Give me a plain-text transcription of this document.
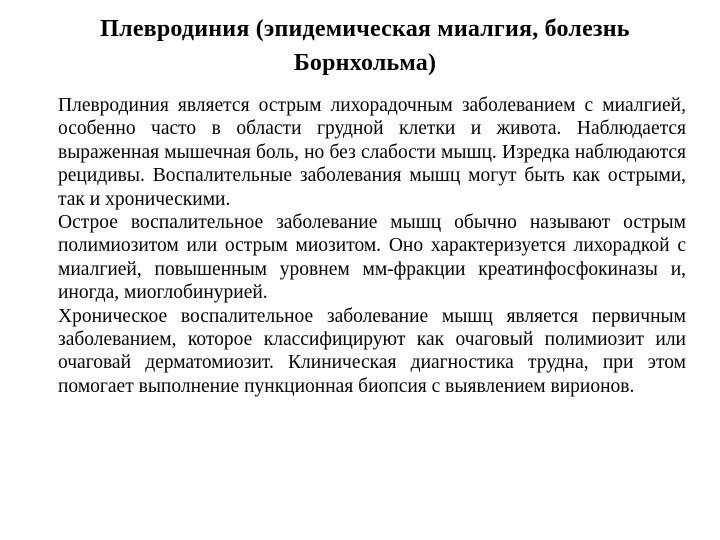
Плевродиния (эпидемическая миалгия, болезнь Борнхольма)

Плевродиния является острым лихорадочным заболеванием с миалгией, особенно часто в области грудной клетки и живота. Наблюдается выраженная мышечная боль, но без слабости мышц. Изредка наблюдаются рецидивы. Воспалительные заболевания мышц могут быть как острыми, так и хроническими.

Острое воспалительное заболевание мышц обычно называют острым полимиозитом или острым миозитом. Оно характеризуется лихорадкой с миалгией, повышенным уровнем мм-фракции креатинфосфокиназы и, иногда, миоглобинурией.

Хроническое воспалительное заболевание мышц является первичным заболеванием, которое классифицируют как очаговый полимиозит или очаговай дерматомиозит. Клиническая диагностика трудна, при этом помогает выполнение пункционная биопсия с выявлением вирионов.
